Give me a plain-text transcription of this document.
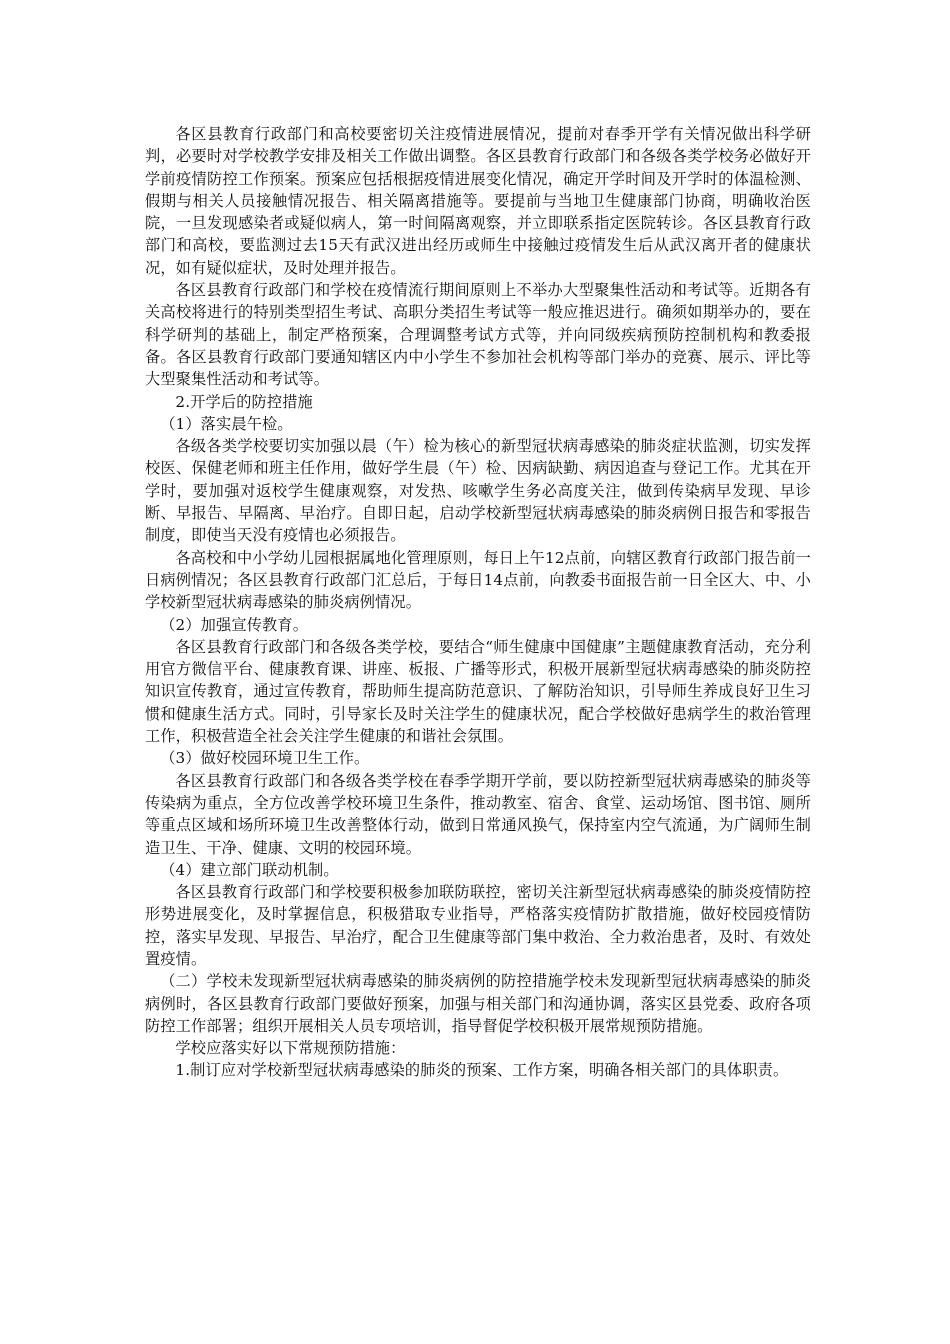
各区县教育行政部门和高校要密切关注疫情进展情况，提前对春季开学有关情况做出科学研判，必要时对学校教学安排及相关工作做出调整。各区县教育行政部门和各级各类学校务必做好开学前疫情防控工作预案。预案应包括根据疫情进展变化情况，确定开学时间及开学时的体温检测、假期与相关人员接触情况报告、相关隔离措施等。要提前与当地卫生健康部门协商，明确收治医院，一旦发现感染者或疑似病人，第一时间隔离观察，并立即联系指定医院转诊。各区县教育行政部门和高校，要监测过去15天有武汉进出经历或师生中接触过疫情发生后从武汉离开者的健康状况，如有疑似症状，及时处理并报告。

各区县教育行政部门和学校在疫情流行期间原则上不举办大型聚集性活动和考试等。近期各有关高校将进行的特别类型招生考试、高职分类招生考试等一般应推迟进行。确须如期举办的，要在科学研判的基础上，制定严格预案，合理调整考试方式等，并向同级疾病预防控制机构和教委报备。各区县教育行政部门要通知辖区内中小学生不参加社会机构等部门举办的竞赛、展示、评比等大型聚集性活动和考试等。

2.开学后的防控措施

（1）落实晨午检。

各级各类学校要切实加强以晨（午）检为核心的新型冠状病毒感染的肺炎症状监测，切实发挥校医、保健老师和班主任作用，做好学生晨（午）检、因病缺勤、病因追查与登记工作。尤其在开学时，要加强对返校学生健康观察，对发热、咳嗽学生务必高度关注，做到传染病早发现、早诊断、早报告、早隔离、早治疗。自即日起，启动学校新型冠状病毒感染的肺炎病例日报告和零报告制度，即使当天没有疫情也必须报告。

各高校和中小学幼儿园根据属地化管理原则，每日上午12点前，向辖区教育行政部门报告前一日病例情况；各区县教育行政部门汇总后，于每日14点前，向教委书面报告前一日全区大、中、小学校新型冠状病毒感染的肺炎病例情况。

（2）加强宣传教育。

各区县教育行政部门和各级各类学校，要结合“师生健康中国健康”主题健康教育活动，充分利用官方微信平台、健康教育课、讲座、板报、广播等形式，积极开展新型冠状病毒感染的肺炎防控知识宣传教育，通过宣传教育，帮助师生提高防范意识、了解防治知识，引导师生养成良好卫生习惯和健康生活方式。同时，引导家长及时关注学生的健康状况，配合学校做好患病学生的救治管理工作，积极营造全社会关注学生健康的和谐社会氛围。

（3）做好校园环境卫生工作。

各区县教育行政部门和各级各类学校在春季学期开学前，要以防控新型冠状病毒感染的肺炎等传染病为重点，全方位改善学校环境卫生条件，推动教室、宿舍、食堂、运动场馆、图书馆、厕所等重点区域和场所环境卫生改善整体行动，做到日常通风换气，保持室内空气流通，为广阔师生制造卫生、干净、健康、文明的校园环境。

（4）建立部门联动机制。

各区县教育行政部门和学校要积极参加联防联控，密切关注新型冠状病毒感染的肺炎疫情防控形势进展变化，及时掌握信息，积极猎取专业指导，严格落实疫情防扩散措施，做好校园疫情防控，落实早发现、早报告、早治疗，配合卫生健康等部门集中救治、全力救治患者，及时、有效处置疫情。

（二）学校未发现新型冠状病毒感染的肺炎病例的防控措施学校未发现新型冠状病毒感染的肺炎病例时，各区县教育行政部门要做好预案，加强与相关部门和沟通协调，落实区县党委、政府各项防控工作部署；组织开展相关人员专项培训，指导督促学校积极开展常规预防措施。

学校应落实好以下常规预防措施：

1.制订应对学校新型冠状病毒感染的肺炎的预案、工作方案，明确各相关部门的具体职责。
